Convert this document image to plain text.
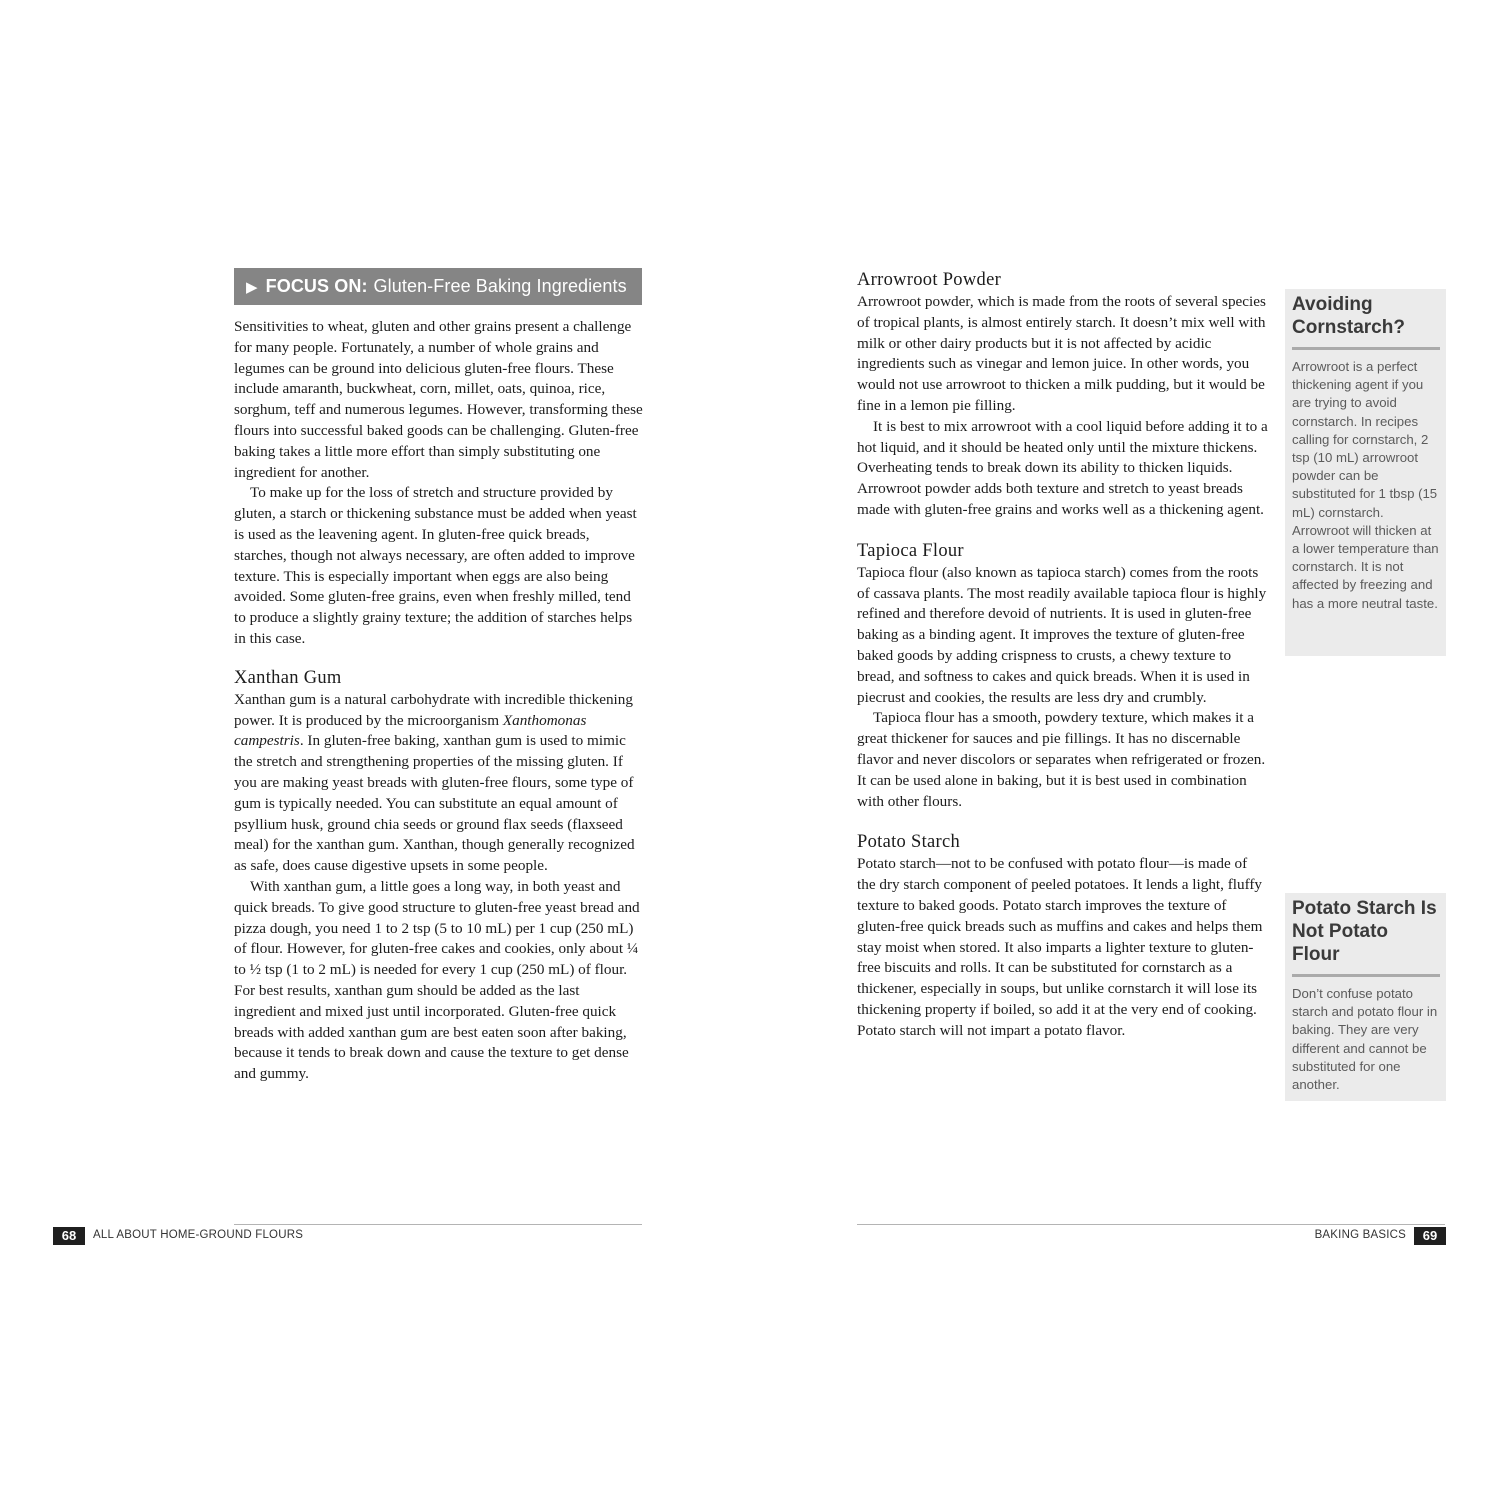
▶ FOCUS ON: Gluten-Free Baking Ingredients

Sensitivities to wheat, gluten and other grains present a challenge for many people. Fortunately, a number of whole grains and legumes can be ground into delicious gluten-free flours. These include amaranth, buckwheat, corn, millet, oats, quinoa, rice, sorghum, teff and numerous legumes. However, transforming these flours into successful baked goods can be challenging. Gluten-free baking takes a little more effort than simply substituting one ingredient for another.

To make up for the loss of stretch and structure provided by gluten, a starch or thickening substance must be added when yeast is used as the leavening agent. In gluten-free quick breads, starches, though not always necessary, are often added to improve texture. This is especially important when eggs are also being avoided. Some gluten-free grains, even when freshly milled, tend to produce a slightly grainy texture; the addition of starches helps in this case.

Xanthan Gum

Xanthan gum is a natural carbohydrate with incredible thickening power. It is produced by the microorganism Xanthomonas campestris. In gluten-free baking, xanthan gum is used to mimic the stretch and strengthening properties of the missing gluten. If you are making yeast breads with gluten-free flours, some type of gum is typically needed. You can substitute an equal amount of psyllium husk, ground chia seeds or ground flax seeds (flaxseed meal) for the xanthan gum. Xanthan, though generally recognized as safe, does cause digestive upsets in some people.

With xanthan gum, a little goes a long way, in both yeast and quick breads. To give good structure to gluten-free yeast bread and pizza dough, you need 1 to 2 tsp (5 to 10 mL) per 1 cup (250 mL) of flour. However, for gluten-free cakes and cookies, only about ¼ to ½ tsp (1 to 2 mL) is needed for every 1 cup (250 mL) of flour. For best results, xanthan gum should be added as the last ingredient and mixed just until incorporated. Gluten-free quick breads with added xanthan gum are best eaten soon after baking, because it tends to break down and cause the texture to get dense and gummy.

Arrowroot Powder

Arrowroot powder, which is made from the roots of several species of tropical plants, is almost entirely starch. It doesn’t mix well with milk or other dairy products but it is not affected by acidic ingredients such as vinegar and lemon juice. In other words, you would not use arrowroot to thicken a milk pudding, but it would be fine in a lemon pie filling.

It is best to mix arrowroot with a cool liquid before adding it to a hot liquid, and it should be heated only until the mixture thickens. Overheating tends to break down its ability to thicken liquids. Arrowroot powder adds both texture and stretch to yeast breads made with gluten-free grains and works well as a thickening agent.

Tapioca Flour

Tapioca flour (also known as tapioca starch) comes from the roots of cassava plants. The most readily available tapioca flour is highly refined and therefore devoid of nutrients. It is used in gluten-free baking as a binding agent. It improves the texture of gluten-free baked goods by adding crispness to crusts, a chewy texture to bread, and softness to cakes and quick breads. When it is used in piecrust and cookies, the results are less dry and crumbly.

Tapioca flour has a smooth, powdery texture, which makes it a great thickener for sauces and pie fillings. It has no discernable flavor and never discolors or separates when refrigerated or frozen. It can be used alone in baking, but it is best used in combination with other flours.

Potato Starch

Potato starch—not to be confused with potato flour—is made of the dry starch component of peeled potatoes. It lends a light, fluffy texture to baked goods. Potato starch improves the texture of gluten-free quick breads such as muffins and cakes and helps them stay moist when stored. It also imparts a lighter texture to gluten-free biscuits and rolls. It can be substituted for cornstarch as a thickener, especially in soups, but unlike cornstarch it will lose its thickening property if boiled, so add it at the very end of cooking. Potato starch will not impart a potato flavor.

Avoiding Cornstarch?
Arrowroot is a perfect thickening agent if you are trying to avoid cornstarch. In recipes calling for cornstarch, 2 tsp (10 mL) arrowroot powder can be substituted for 1 tbsp (15 mL) cornstarch. Arrowroot will thicken at a lower temperature than cornstarch. It is not affected by freezing and has a more neutral taste.
Potato Starch Is Not Potato Flour
Don’t confuse potato starch and potato flour in baking. They are very different and cannot be substituted for one another.
68	ALL ABOUT HOME-GROUND FLOURS	BAKING BASICS	69
